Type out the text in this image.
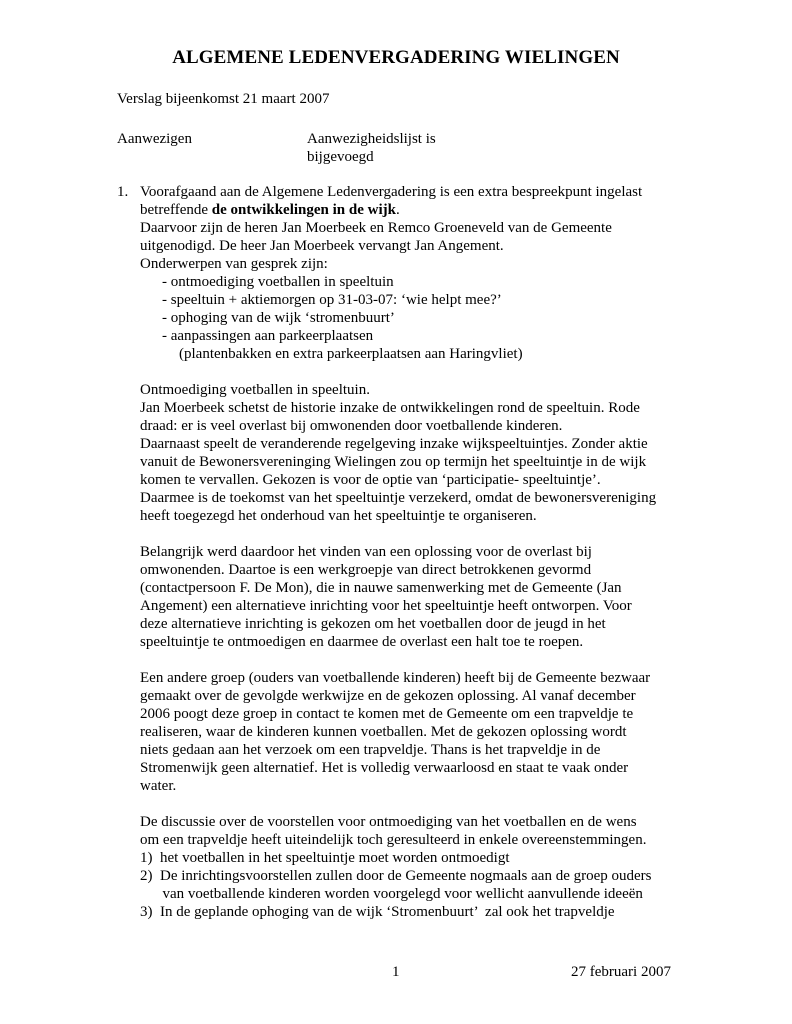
ALGEMENE LEDENVERGADERING WIELINGEN
Verslag bijeenkomst 21 maart 2007
Aanwezigen	Aanwezigheidslijst is
bijgevoegd
1. Voorafgaand aan de Algemene Ledenvergadering is een extra bespreekpunt ingelast
betreffende de ontwikkelingen in de wijk.
Daarvoor zijn de heren Jan Moerbeek en Remco Groeneveld van de Gemeente
uitgenodigd. De heer Jan Moerbeek vervangt Jan Angement.
Onderwerpen van gesprek zijn:
- ontmoediging voetballen in speeltuin
- speeltuin + aktiemorgen op 31-03-07: ‘wie helpt mee?’
- ophoging van de wijk ‘stromenbuurt’
- aanpassingen aan parkeerplaatsen
(plantenbakken en extra parkeerplaatsen aan Haringvliet)
Ontmoediging voetballen in speeltuin.
Jan Moerbeek schetst de historie inzake de ontwikkelingen rond de speeltuin. Rode
draad: er is veel overlast bij omwonenden door voetballende kinderen.
Daarnaast speelt de veranderende regelgeving inzake wijkspeeltuintjes. Zonder aktie
vanuit de Bewonersvereninging Wielingen zou op termijn het speeltuintje in de wijk
komen te vervallen. Gekozen is voor de optie van ‘participatie- speeltuintje’.
Daarmee is de toekomst van het speeltuintje verzekerd, omdat de bewonersvereniging
heeft toegezegd het onderhoud van het speeltuintje te organiseren.
Belangrijk werd daardoor het vinden van een oplossing voor de overlast bij
omwonenden. Daartoe is een werkgroepje van direct betrokkenen gevormd
(contactpersoon F. De Mon), die in nauwe samenwerking met de Gemeente (Jan
Angement) een alternatieve inrichting voor het speeltuintje heeft ontworpen. Voor
deze alternatieve inrichting is gekozen om het voetballen door de jeugd in het
speeltuintje te ontmoedigen en daarmee de overlast een halt toe te roepen.
Een andere groep (ouders van voetballende kinderen) heeft bij de Gemeente bezwaar
gemaakt over de gevolgde werkwijze en de gekozen oplossing. Al vanaf december
2006 poogt deze groep in contact te komen met de Gemeente om een trapveldje te
realiseren, waar de kinderen kunnen voetballen. Met de gekozen oplossing wordt
niets gedaan aan het verzoek om een trapveldje. Thans is het trapveldje in de
Stromenwijk geen alternatief. Het is volledig verwaarloosd en staat te vaak onder
water.
De discussie over de voorstellen voor ontmoediging van het voetballen en de wens
om een trapveldje heeft uiteindelijk toch geresulteerd in enkele overeenstemmingen.
1)  het voetballen in het speeltuintje moet worden ontmoedigt
2)  De inrichtingsvoorstellen zullen door de Gemeente nogmaals aan de groep ouders
van voetballende kinderen worden voorgelegd voor wellicht aanvullende ideeën
3)  In de geplande ophoging van de wijk ‘Stromenbuurt’  zal ook het trapveldje
1	27 februari 2007
